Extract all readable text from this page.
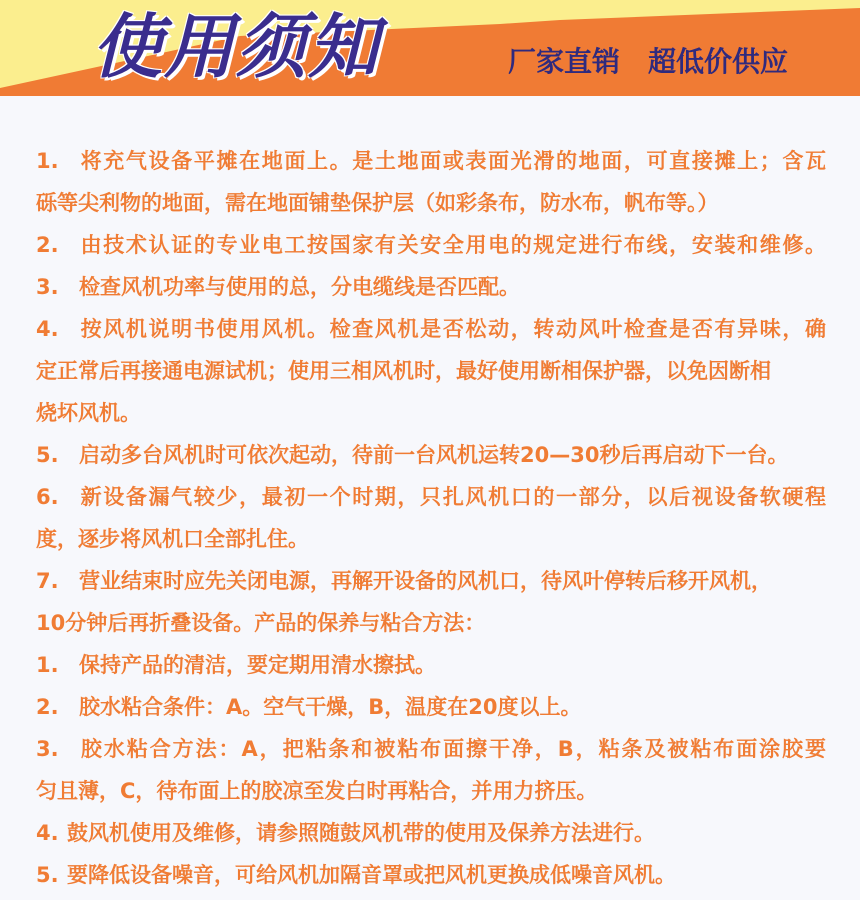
使用须知	厂家直销　超低价供应
1. 将充气设备平摊在地面上。是土地面或表面光滑的地面，可直接摊上；含瓦
砾等尖利物的地面，需在地面铺垫保护层（如彩条布，防水布，帆布等。）
2. 由技术认证的专业电工按国家有关安全用电的规定进行布线，安装和维修。
3. 检查风机功率与使用的总，分电缆线是否匹配。
4. 按风机说明书使用风机。检查风机是否松动，转动风叶检查是否有异味，确
定正常后再接通电源试机；使用三相风机时，最好使用断相保护器，以免因断相
烧坏风机。
5. 启动多台风机时可依次起动，待前一台风机运转20—30秒后再启动下一台。
6. 新设备漏气较少，最初一个时期，只扎风机口的一部分，以后视设备软硬程
度，逐步将风机口全部扎住。
7. 营业结束时应先关闭电源，再解开设备的风机口，待风叶停转后移开风机，
10分钟后再折叠设备。产品的保养与粘合方法：
1. 保持产品的清洁，要定期用清水擦拭。
2. 胶水粘合条件：A。空气干燥，B，温度在20度以上。
3. 胶水粘合方法：A，把粘条和被粘布面擦干净，B，粘条及被粘布面涂胶要
匀且薄，C，待布面上的胶凉至发白时再粘合，并用力挤压。
4. 鼓风机使用及维修，请参照随鼓风机带的使用及保养方法进行。
5. 要降低设备噪音，可给风机加隔音罩或把风机更换成低噪音风机。
